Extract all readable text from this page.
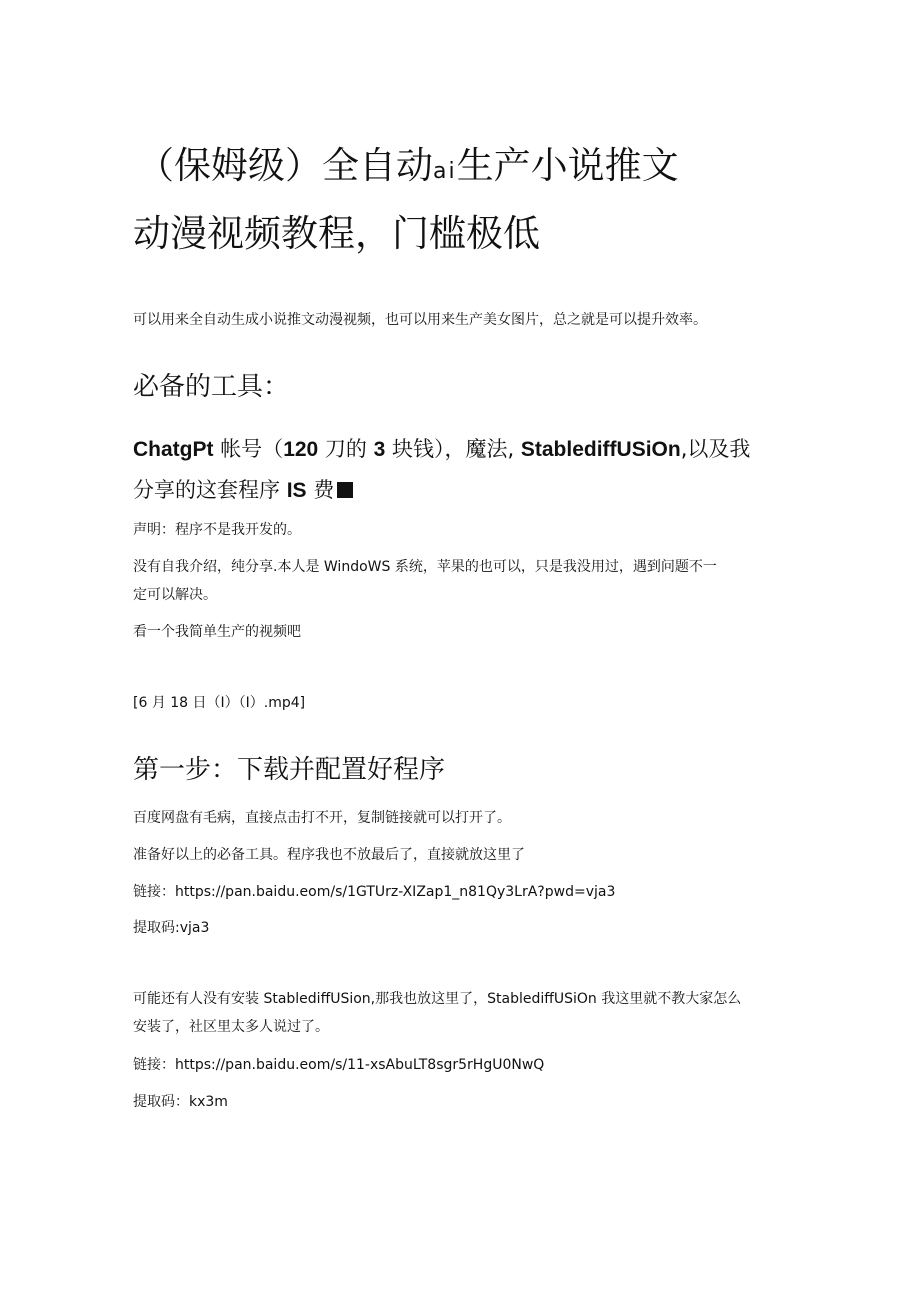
（保姆级）全自动ai生产小说推文
动漫视频教程，门槛极低

可以用来全自动生成小说推文动漫视频，也可以用来生产美女图片，总之就是可以提升效率。

必备的工具：

ChatgPt 帐号（120 刀的 3 块钱），魔法, StablediffUSiOn,以及我

分享的这套程序 IS 费

声明：程序不是我开发的。

没有自我介绍，纯分享.本人是 WindoWS 系统，苹果的也可以，只是我没用过，遇到问题不一

定可以解决。

看一个我简单生产的视频吧

[6 月 18 日（I）（I）.mp4]

第一步：下载并配置好程序

百度网盘有毛病，直接点击打不开，复制链接就可以打开了。

准备好以上的必备工具。程序我也不放最后了，直接就放这里了

链接：https://pan.baidu.eom/s/1GTUrz-XIZap1_n81Qy3LrA?pwd=vja3

提取码:vja3

可能还有人没有安装 StablediffUSion,那我也放这里了，StablediffUSiOn 我这里就不教大家怎么

安装了，社区里太多人说过了。

链接：https://pan.baidu.eom/s/11-xsAbuLT8sgr5rHgU0NwQ

提取码：kx3m
